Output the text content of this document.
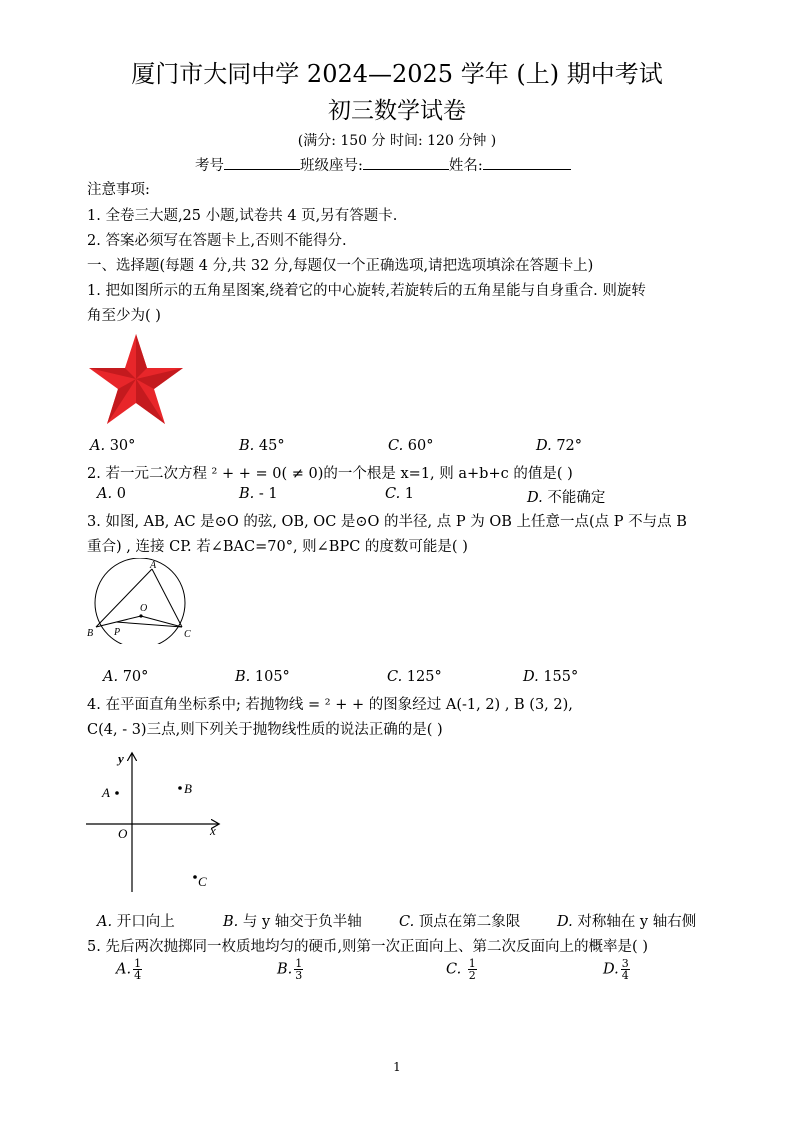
厦门市大同中学 2024—2025 学年 (上) 期中考试
初三数学试卷
(满分: 150 分 时间: 120 分钟 )
考号	班级座号:	姓名:
注意事项:
1. 全卷三大题,25 小题,试卷共 4 页,另有答题卡.
2. 答案必须写在答题卡上,否则不能得分.
一、选择题(每题 4 分,共 32 分,每题仅一个正确选项,请把选项填涂在答题卡上)
1. 把如图所示的五角星图案,绕着它的中心旋转,若旋转后的五角星能与自身重合. 则旋转
角至少为( )
A. 30°	B. 45°	C. 60°	D. 72°
2. 若一元二次方程 ² + + = 0( ≠ 0)的一个根是 x=1, 则 a+b+c 的值是( )
A. 0	B. - 1	C. 1	D. 不能确定
3. 如图, AB, AC 是⊙O 的弦, OB, OC 是⊙O 的半径, 点 P 为 OB 上任意一点(点 P 不与点 B
重合) , 连接 CP. 若∠BAC=70°, 则∠BPC 的度数可能是( )
A
B	C
O
P
A. 70°	B. 105°	C. 125°	D. 155°
4. 在平面直角坐标系中; 若抛物线 = ² + + 的图象经过 A(-1, 2) , B (3, 2),
C(4, - 3)三点,则下列关于抛物线性质的说法正确的是( )
y
x
O
A	B
C
A. 开口向上	B. 与 y 轴交于负半轴	C. 顶点在第二象限	D. 对称轴在 y 轴右侧
5. 先后两次抛掷同一枚质地均匀的硬币,则第一次正面向上、第二次反面向上的概率是( )
A. $\frac{1}{4}$	B. $\frac{1}{3}$	C. $\frac{1}{2}$	D. $\frac{3}{4}$
1
